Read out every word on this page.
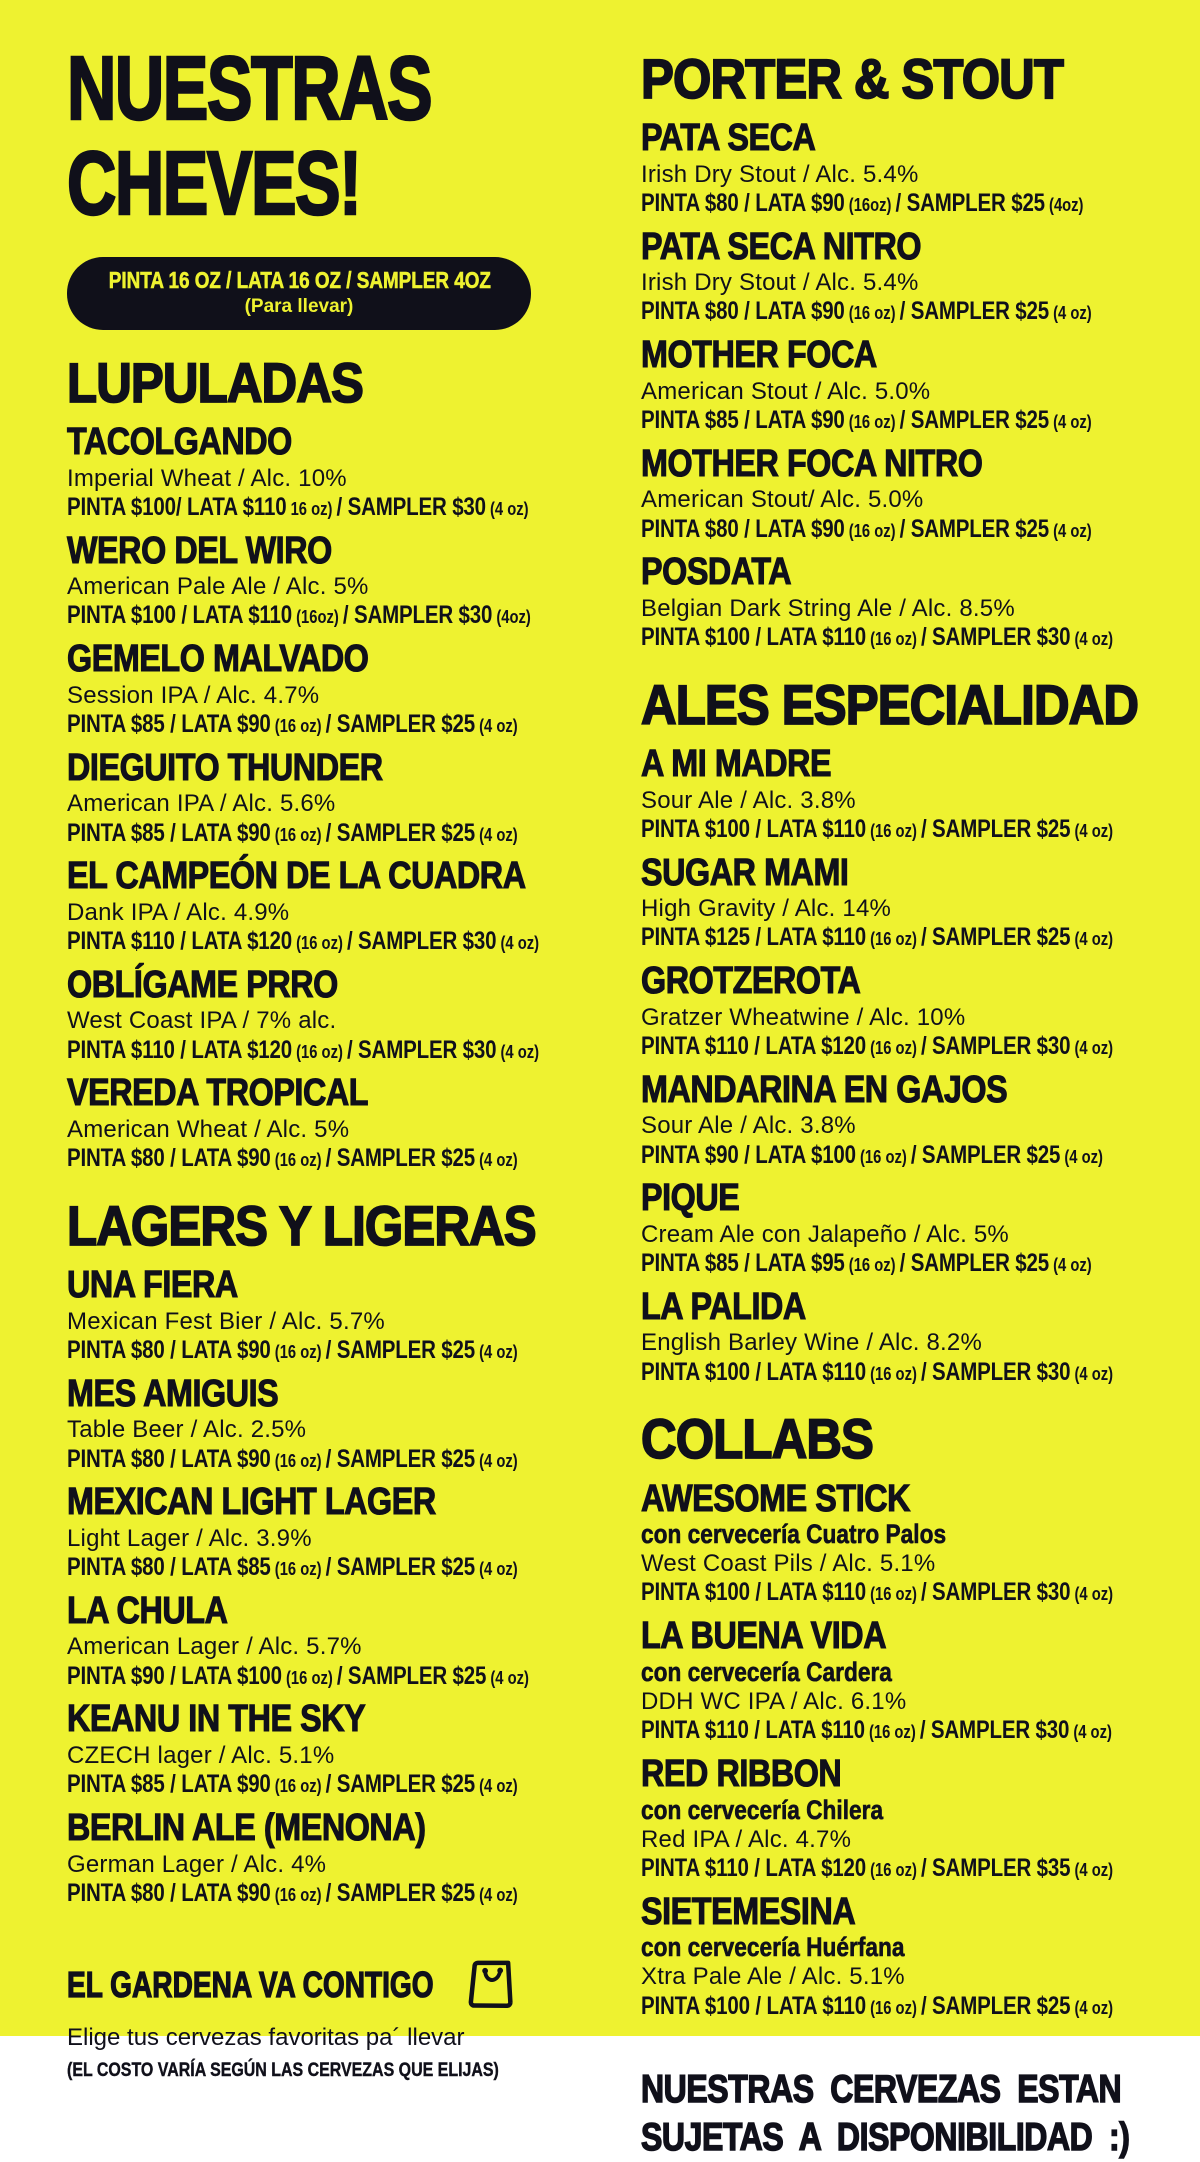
NUESTRAS
CHEVES!
PINTA 16 OZ / LATA 16 OZ / SAMPLER 4OZ
(Para llevar)
LUPULADAS
TACOLGANDO
Imperial Wheat / Alc. 10%
PINTA $100/ LATA $110 16 oz) / SAMPLER $30 (4 oz)
WERO DEL WIRO
American Pale Ale / Alc. 5%
PINTA $100 / LATA $110 (16oz) / SAMPLER $30 (4oz)
GEMELO MALVADO
Session IPA / Alc. 4.7%
PINTA $85 / LATA $90 (16 oz) / SAMPLER $25 (4 oz)
DIEGUITO THUNDER
American IPA / Alc. 5.6%
PINTA $85 / LATA $90 (16 oz) / SAMPLER $25 (4 oz)
EL CAMPEÓN DE LA CUADRA
Dank IPA / Alc. 4.9%
PINTA $110 / LATA $120 (16 oz) / SAMPLER $30 (4 oz)
OBLÍGAME PRRO
West Coast IPA / 7% alc.
PINTA $110 / LATA $120 (16 oz) / SAMPLER $30 (4 oz)
VEREDA TROPICAL
American Wheat / Alc. 5%
PINTA $80 / LATA $90 (16 oz) / SAMPLER $25 (4 oz)
LAGERS Y LIGERAS
UNA FIERA
Mexican Fest Bier / Alc. 5.7%
PINTA $80 / LATA $90 (16 oz) / SAMPLER $25 (4 oz)
MES AMIGUIS
Table Beer / Alc. 2.5%
PINTA $80 / LATA $90 (16 oz) / SAMPLER $25 (4 oz)
MEXICAN LIGHT LAGER
Light Lager / Alc. 3.9%
PINTA $80 / LATA $85 (16 oz) / SAMPLER $25 (4 oz)
LA CHULA
American Lager / Alc. 5.7%
PINTA $90 / LATA $100 (16 oz) / SAMPLER $25 (4 oz)
KEANU IN THE SKY
CZECH lager / Alc. 5.1%
PINTA $85 / LATA $90 (16 oz) / SAMPLER $25 (4 oz)
BERLIN ALE (MENONA)
German Lager / Alc. 4%
PINTA $80 / LATA $90 (16 oz) / SAMPLER $25 (4 oz)
EL GARDENA VA CONTIGO
Elige tus cervezas favoritas pa´ llevar
(EL COSTO VARÍA SEGÚN LAS CERVEZAS QUE ELIJAS)
PORTER & STOUT
PATA SECA
Irish Dry Stout / Alc. 5.4%
PINTA $80 / LATA $90 (16oz) / SAMPLER $25 (4oz)
PATA SECA NITRO
Irish Dry Stout / Alc. 5.4%
PINTA $80 / LATA $90 (16 oz) / SAMPLER $25 (4 oz)
MOTHER FOCA
American Stout / Alc. 5.0%
PINTA $85 / LATA $90 (16 oz) / SAMPLER $25 (4 oz)
MOTHER FOCA NITRO
American Stout/ Alc. 5.0%
PINTA $80 / LATA $90 (16 oz) / SAMPLER $25 (4 oz)
POSDATA
Belgian Dark String Ale / Alc. 8.5%
PINTA $100 / LATA $110 (16 oz) / SAMPLER $30 (4 oz)
ALES ESPECIALIDAD
A MI MADRE
Sour Ale / Alc. 3.8%
PINTA $100 / LATA $110 (16 oz) / SAMPLER $25 (4 oz)
SUGAR MAMI
High Gravity / Alc. 14%
PINTA $125 / LATA $110 (16 oz) / SAMPLER $25 (4 oz)
GROTZEROTA
Gratzer Wheatwine / Alc. 10%
PINTA $110 / LATA $120 (16 oz) / SAMPLER $30 (4 oz)
MANDARINA EN GAJOS
Sour Ale / Alc. 3.8%
PINTA $90 / LATA $100 (16 oz) / SAMPLER $25 (4 oz)
PIQUE
Cream Ale con Jalapeño / Alc. 5%
PINTA $85 / LATA $95 (16 oz) / SAMPLER $25 (4 oz)
LA PALIDA
English Barley Wine / Alc. 8.2%
PINTA $100 / LATA $110 (16 oz) / SAMPLER $30 (4 oz)
COLLABS
AWESOME STICK
con cervecería Cuatro Palos
West Coast Pils / Alc. 5.1%
PINTA $100 / LATA $110 (16 oz) / SAMPLER $30 (4 oz)
LA BUENA VIDA
con cervecería Cardera
DDH WC IPA / Alc. 6.1%
PINTA $110 / LATA $110 (16 oz) / SAMPLER $30 (4 oz)
RED RIBBON
con cervecería Chilera
Red IPA / Alc. 4.7%
PINTA $110 / LATA $120 (16 oz) / SAMPLER $35 (4 oz)
SIETEMESINA
con cervecería Huérfana
Xtra Pale Ale / Alc. 5.1%
PINTA $100 / LATA $110 (16 oz) / SAMPLER $25 (4 oz)
NUESTRAS CERVEZAS ESTAN
SUJETAS A DISPONIBILIDAD :)
